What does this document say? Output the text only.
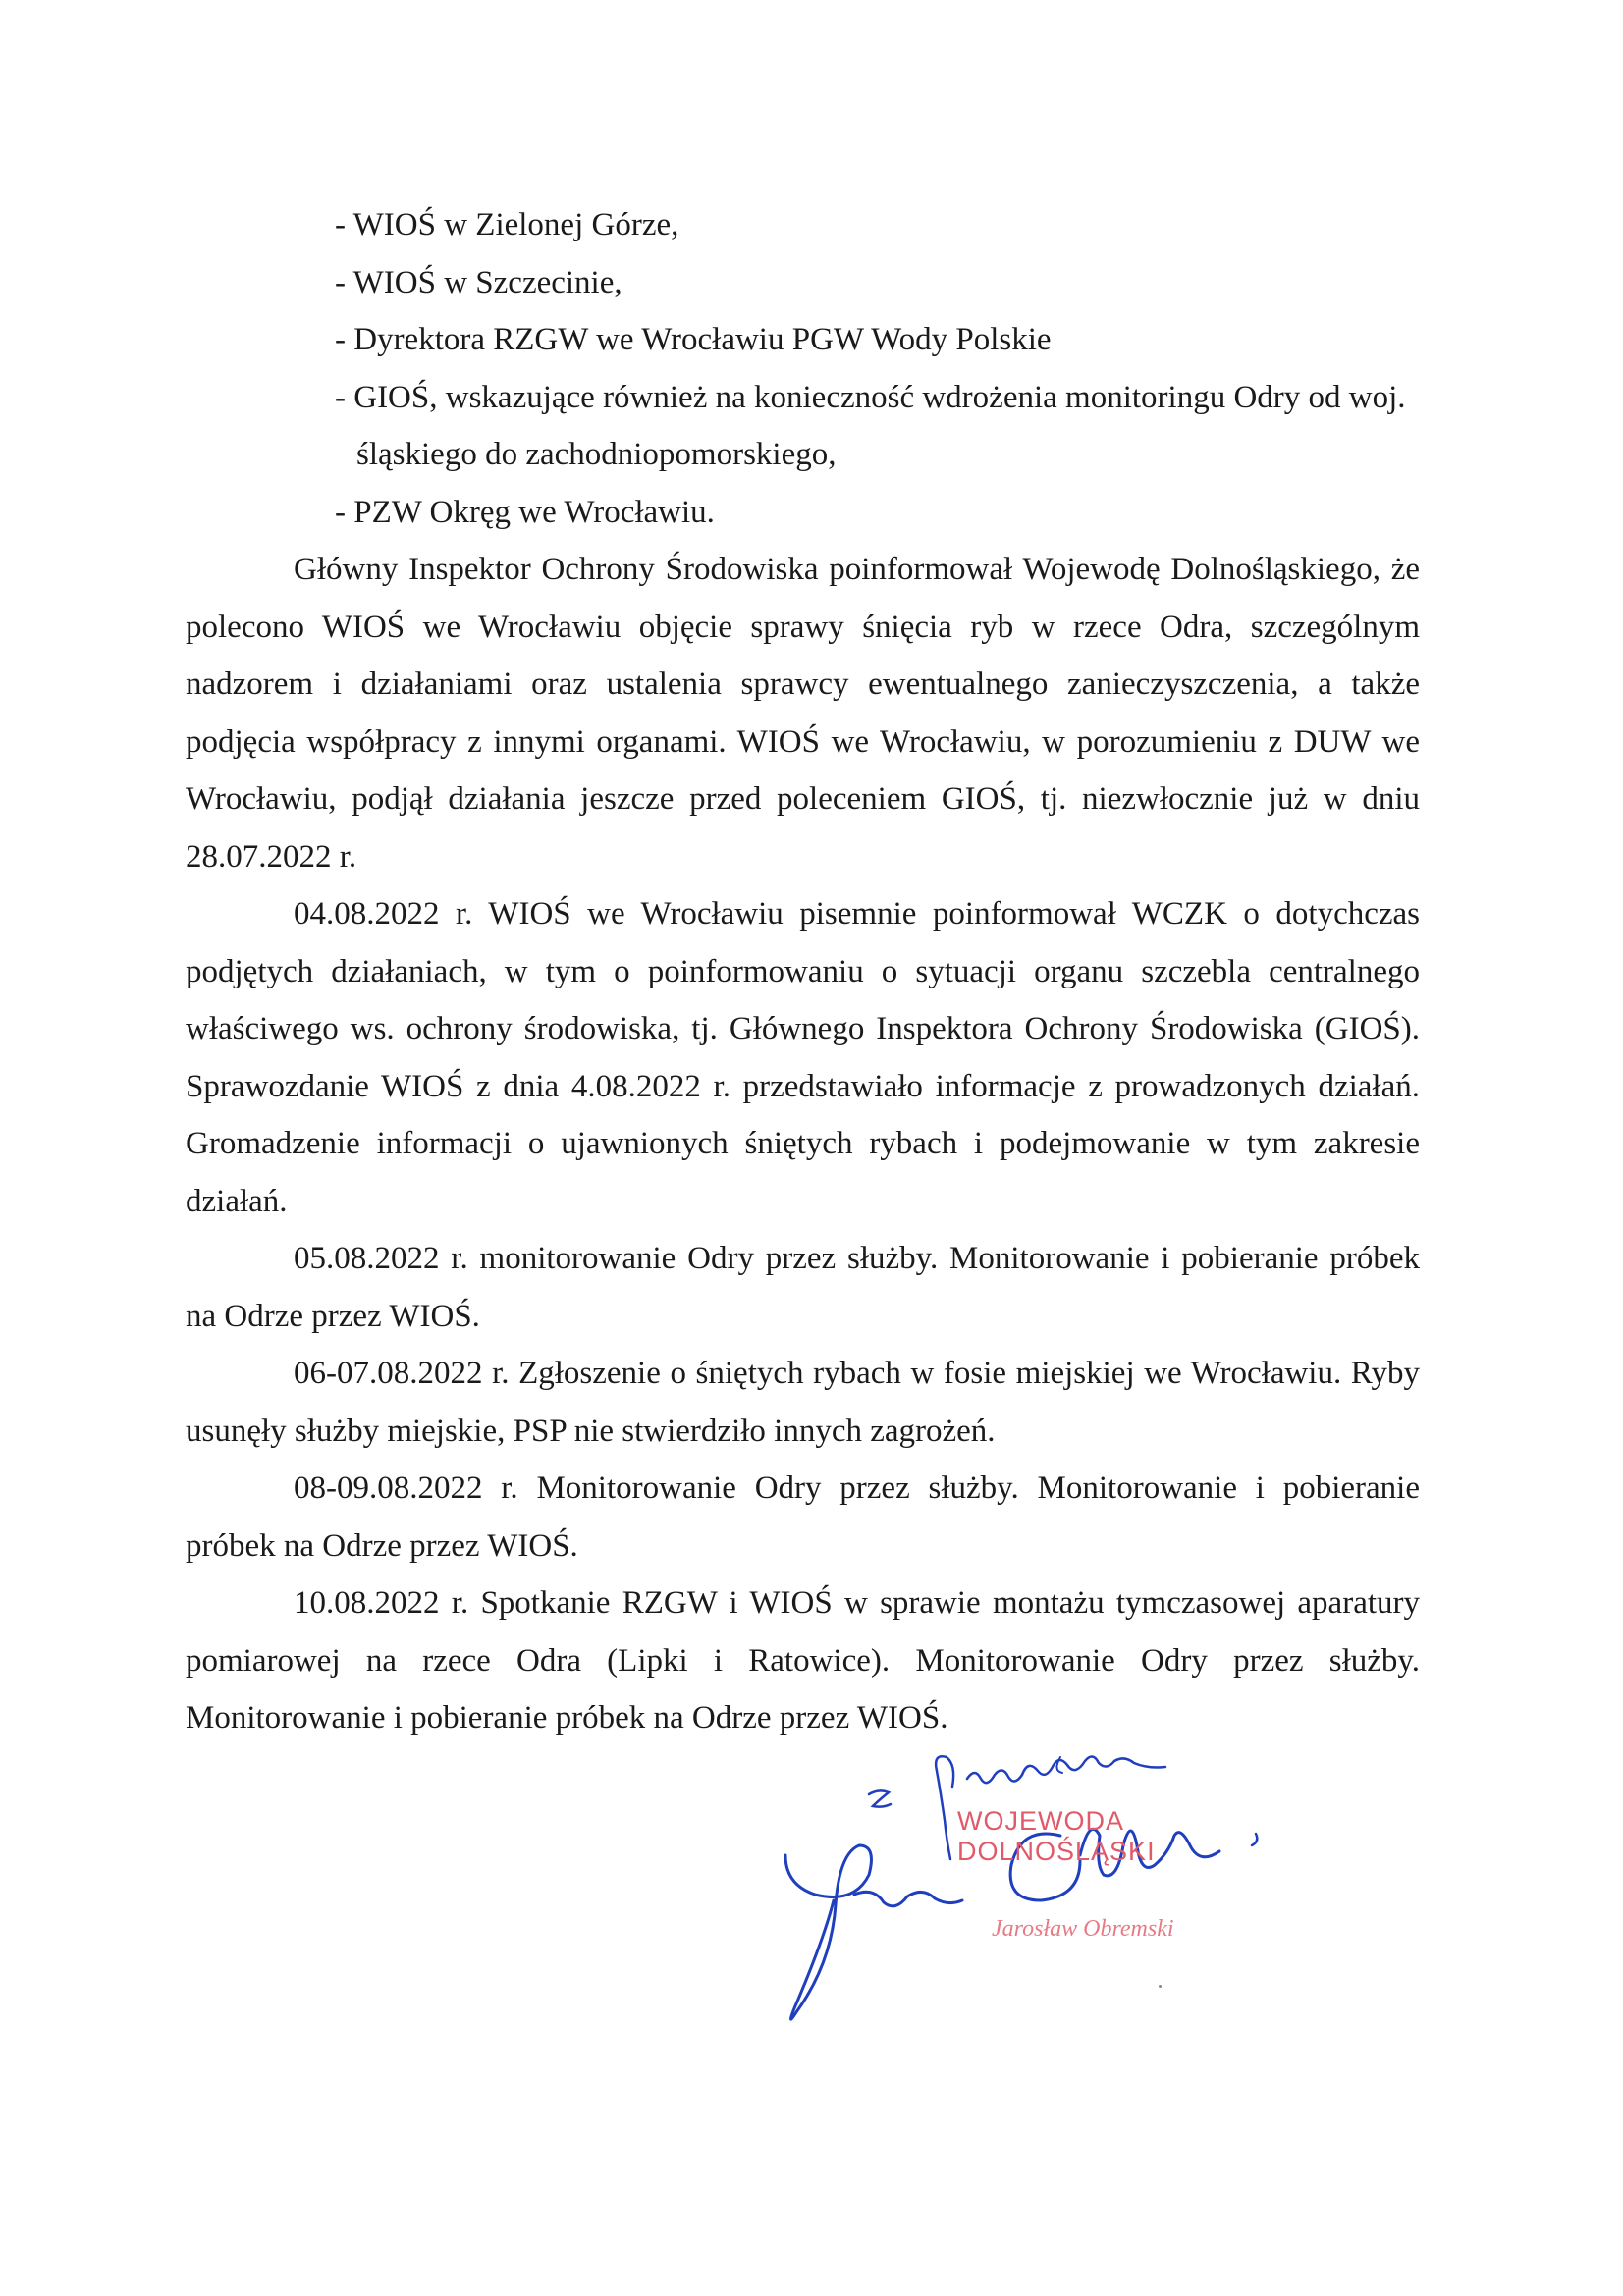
- WIOŚ w Zielonej Górze,
- WIOŚ w Szczecinie,
- Dyrektora RZGW we Wrocławiu PGW Wody Polskie
- GIOŚ, wskazujące również na konieczność wdrożenia monitoringu Odry od woj.
śląskiego do zachodniopomorskiego,
- PZW Okręg we Wrocławiu.

Główny Inspektor Ochrony Środowiska poinformował Wojewodę Dolnośląskiego, że polecono WIOŚ we Wrocławiu objęcie sprawy śnięcia ryb w rzece Odra, szczególnym nadzorem i działaniami oraz ustalenia sprawcy ewentualnego zanieczyszczenia, a także podjęcia współpracy z innymi organami. WIOŚ we Wrocławiu, w porozumieniu z DUW we Wrocławiu, podjął działania jeszcze przed poleceniem GIOŚ, tj. niezwłocznie już w dniu 28.07.2022 r.

04.08.2022 r. WIOŚ we Wrocławiu pisemnie poinformował WCZK o dotychczas podjętych działaniach, w tym o poinformowaniu o sytuacji organu szczebla centralnego właściwego ws. ochrony środowiska, tj. Głównego Inspektora Ochrony Środowiska (GIOŚ). Sprawozdanie WIOŚ z dnia 4.08.2022 r. przedstawiało informacje z prowadzonych działań. Gromadzenie informacji o ujawnionych śniętych rybach i podejmowanie w tym zakresie działań.

05.08.2022 r. monitorowanie Odry przez służby. Monitorowanie i pobieranie próbek na Odrze przez WIOŚ.

06-07.08.2022 r. Zgłoszenie o śniętych rybach w fosie miejskiej we Wrocławiu. Ryby usunęły służby miejskie, PSP nie stwierdziło innych zagrożeń.

08-09.08.2022 r. Monitorowanie Odry przez służby. Monitorowanie i pobieranie próbek na Odrze przez WIOŚ.

10.08.2022 r. Spotkanie RZGW i WIOŚ w sprawie montażu tymczasowej aparatury pomiarowej na rzece Odra (Lipki i Ratowice). Monitorowanie Odry przez służby. Monitorowanie i pobieranie próbek na Odrze przez WIOŚ.

WOJEWODA DOLNOŚLĄSKI
Jarosław Obremski
